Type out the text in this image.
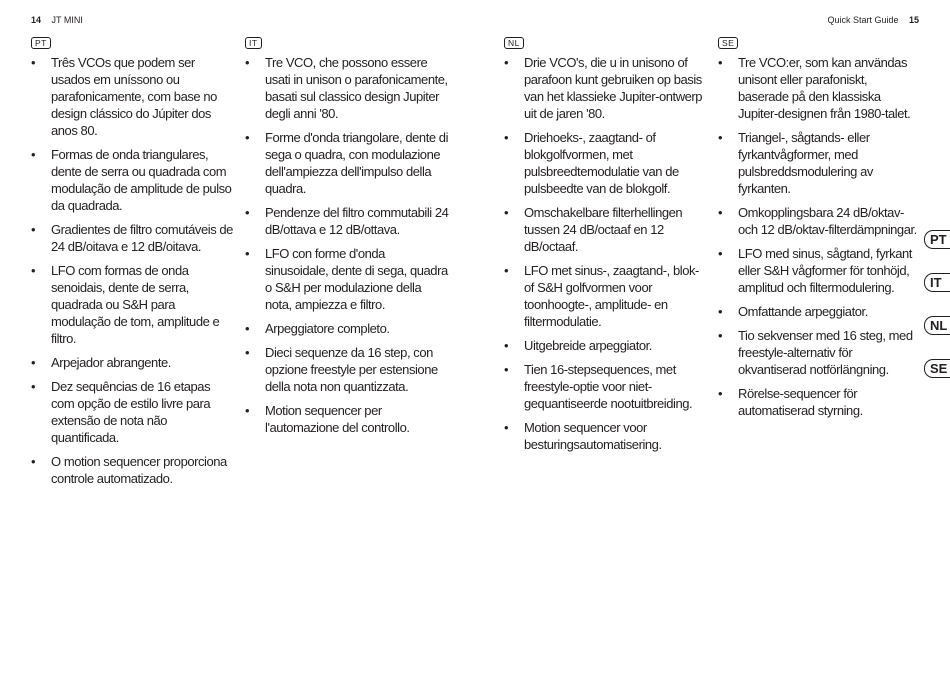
14 JT MINI	Quick Start Guide 15
PT
• Três VCOs que podem ser usados em uníssono ou parafonicamente, com base no design clássico do Júpiter dos anos 80.
• Formas de onda triangulares, dente de serra ou quadrada com modulação de amplitude de pulso da quadrada.
• Gradientes de filtro comutáveis de 24 dB/oitava e 12 dB/oitava.
• LFO com formas de onda senoidais, dente de serra, quadrada ou S&H para modulação de tom, amplitude e filtro.
• Arpejador abrangente.
• Dez sequências de 16 etapas com opção de estilo livre para extensão de nota não quantificada.
• O motion sequencer proporciona controle automatizado.
IT
• Tre VCO, che possono essere usati in unison o parafonicamente, basati sul classico design Jupiter degli anni '80.
• Forme d'onda triangolare, dente di sega o quadra, con modulazione dell'ampiezza dell'impulso della quadra.
• Pendenze del filtro commutabili 24 dB/ottava e 12 dB/ottava.
• LFO con forme d'onda sinusoidale, dente di sega, quadra o S&H per modulazione della nota, ampiezza e filtro.
• Arpeggiatore completo.
• Dieci sequenze da 16 step, con opzione freestyle per estensione della nota non quantizzata.
• Motion sequencer per l'automazione del controllo.
NL
• Drie VCO's, die u in unisono of parafoon kunt gebruiken op basis van het klassieke Jupiter-ontwerp uit de jaren '80.
• Driehoeks-, zaagtand- of blokgolfvormen, met pulsbreedtemodulatie van de pulsbeedte van de blokgolf.
• Omschakelbare filterhellingen tussen 24 dB/octaaf en 12 dB/octaaf.
• LFO met sinus-, zaagtand-, blok- of S&H golfvormen voor toonhoogte-, amplitude- en filtermodulatie.
• Uitgebreide arpeggiator.
• Tien 16-stepsequences, met freestyle-optie voor niet-gequantiseerde nootuitbreiding.
• Motion sequencer voor besturingsautomatisering.
SE
• Tre VCO:er, som kan användas unisont eller parafoniskt, baserade på den klassiska Jupiter-designen från 1980-talet.
• Triangel-, sågtands- eller fyrkantvågformer, med pulsbreddsmodulering av fyrkanten.
• Omkopplingsbara 24 dB/oktav- och 12 dB/oktav-filterdämpningar.
• LFO med sinus, sågtand, fyrkant eller S&H vågformer för tonhöjd, amplitud och filtermodulering.
• Omfattande arpeggiator.
• Tio sekvenser med 16 steg, med freestyle-alternativ för okvantiserad notförlängning.
• Rörelse-sequencer för automatiserad styrning.
PT
IT
NL
SE
